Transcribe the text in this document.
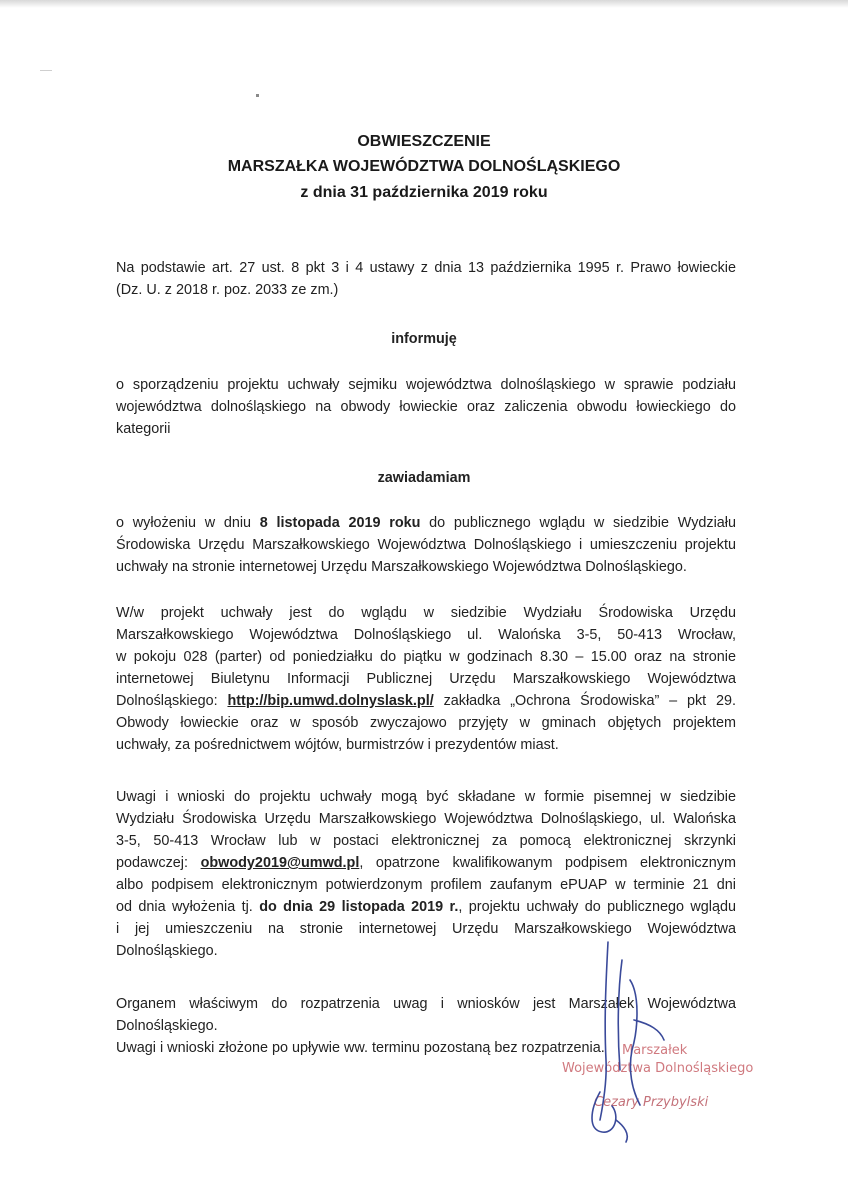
OBWIESZCZENIE
MARSZAŁKA WOJEWÓDZTWA DOLNOŚLĄSKIEGO
z dnia 31 października 2019 roku
Na podstawie art. 27 ust. 8 pkt 3 i 4 ustawy z dnia 13 października 1995 r. Prawo łowieckie
(Dz. U. z 2018 r. poz. 2033 ze zm.)
informuję
o sporządzeniu projektu uchwały sejmiku województwa dolnośląskiego w sprawie podziału
województwa dolnośląskiego na obwody łowieckie oraz zaliczenia obwodu łowieckiego do
kategorii
zawiadamiam
o wyłożeniu w dniu 8 listopada 2019 roku do publicznego wglądu w siedzibie Wydziału
Środowiska Urzędu Marszałkowskiego Województwa Dolnośląskiego i umieszczeniu projektu
uchwały na stronie internetowej Urzędu Marszałkowskiego Województwa Dolnośląskiego.
W/w projekt uchwały jest do wglądu w siedzibie Wydziału Środowiska Urzędu
Marszałkowskiego Województwa Dolnośląskiego ul. Walońska 3-5, 50-413 Wrocław,
w pokoju 028 (parter) od poniedziałku do piątku w godzinach 8.30 – 15.00 oraz na stronie
internetowej Biuletynu Informacji Publicznej Urzędu Marszałkowskiego Województwa
Dolnośląskiego: http://bip.umwd.dolnyslask.pl/ zakładka „Ochrona Środowiska” – pkt 29.
Obwody łowieckie oraz w sposób zwyczajowo przyjęty w gminach objętych projektem
uchwały, za pośrednictwem wójtów, burmistrzów i prezydentów miast.
Uwagi i wnioski do projektu uchwały mogą być składane w formie pisemnej w siedzibie
Wydziału Środowiska Urzędu Marszałkowskiego Województwa Dolnośląskiego, ul. Walońska
3-5, 50-413 Wrocław lub w postaci elektronicznej za pomocą elektronicznej skrzynki
podawczej: obwody2019@umwd.pl, opatrzone kwalifikowanym podpisem elektronicznym
albo podpisem elektronicznym potwierdzonym profilem zaufanym ePUAP w terminie 21 dni
od dnia wyłożenia tj. do dnia 29 listopada 2019 r., projektu uchwały do publicznego wglądu
i jej umieszczeniu na stronie internetowej Urzędu Marszałkowskiego Województwa
Dolnośląskiego.
Organem właściwym do rozpatrzenia uwag i wniosków jest Marszałek Województwa
Dolnośląskiego.
Uwagi i wnioski złożone po upływie ww. terminu pozostaną bez rozpatrzenia.	Marszałek
Województwa Dolnośląskiego
Cezary Przybylski
